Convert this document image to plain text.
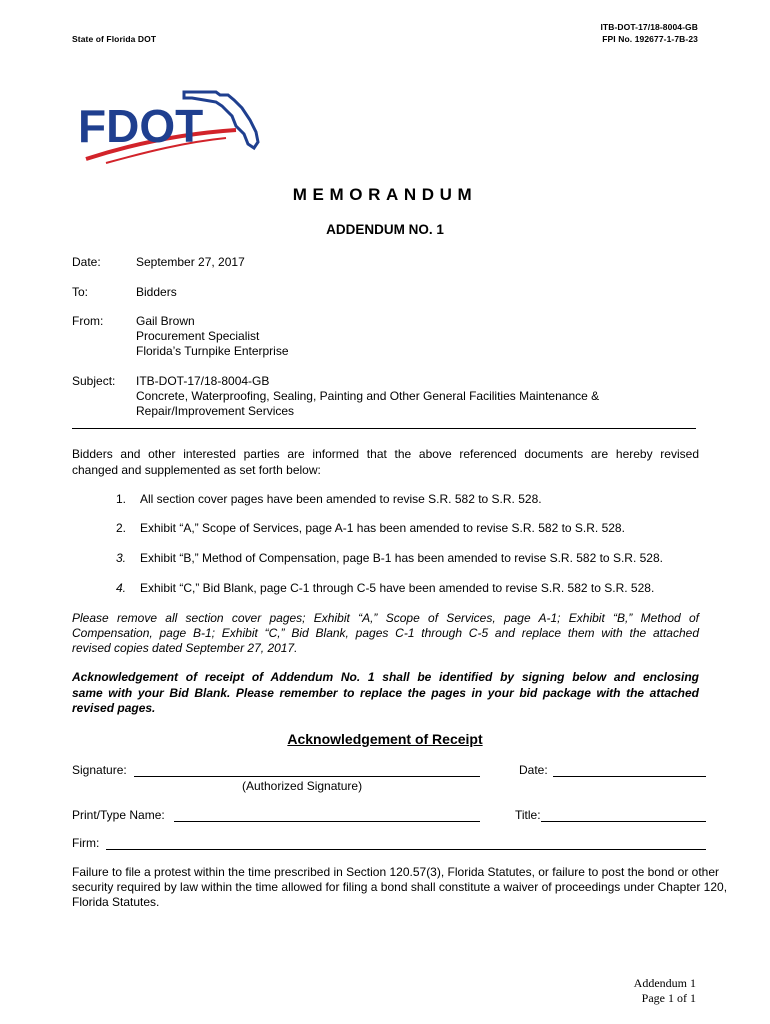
State of Florida DOT
ITB-DOT-17/18-8004-GB
FPI No. 192677-1-7B-23
FDOT
MEMORANDUM
ADDENDUM NO. 1
Date:	September 27, 2017
To:	Bidders
From:	Gail Brown
Procurement Specialist
Florida’s Turnpike Enterprise
Subject: ITB-DOT-17/18-8004-GB
Concrete, Waterproofing, Sealing, Painting and Other General Facilities Maintenance &
Repair/Improvement Services
Bidders and other interested parties are informed that the above referenced documents are hereby revised
changed and supplemented as set forth below:
1. All section cover pages have been amended to revise S.R. 582 to S.R. 528.
2. Exhibit “A,” Scope of Services, page A-1 has been amended to revise S.R. 582 to S.R. 528.
3. Exhibit “B,” Method of Compensation, page B-1 has been amended to revise S.R. 582 to S.R. 528.
4. Exhibit “C,” Bid Blank, page C-1 through C-5 have been amended to revise S.R. 582 to S.R. 528.
Please remove all section cover pages; Exhibit “A,” Scope of Services, page A-1; Exhibit “B,” Method of
Compensation, page B-1; Exhibit “C,” Bid Blank, pages C-1 through C-5 and replace them with the attached
revised copies dated September 27, 2017.
Acknowledgement of receipt of Addendum No. 1 shall be identified by signing below and enclosing
same with your Bid Blank. Please remember to replace the pages in your bid package with the attached
revised pages.
Acknowledgement of Receipt
Signature:
(Authorized Signature)
Date:
Print/Type Name:	Title:
Firm:
Failure to file a protest within the time prescribed in Section 120.57(3), Florida Statutes, or failure to post the bond or other
security required by law within the time allowed for filing a bond shall constitute a waiver of proceedings under Chapter 120,
Florida Statutes.
Addendum 1
Page 1 of 1
